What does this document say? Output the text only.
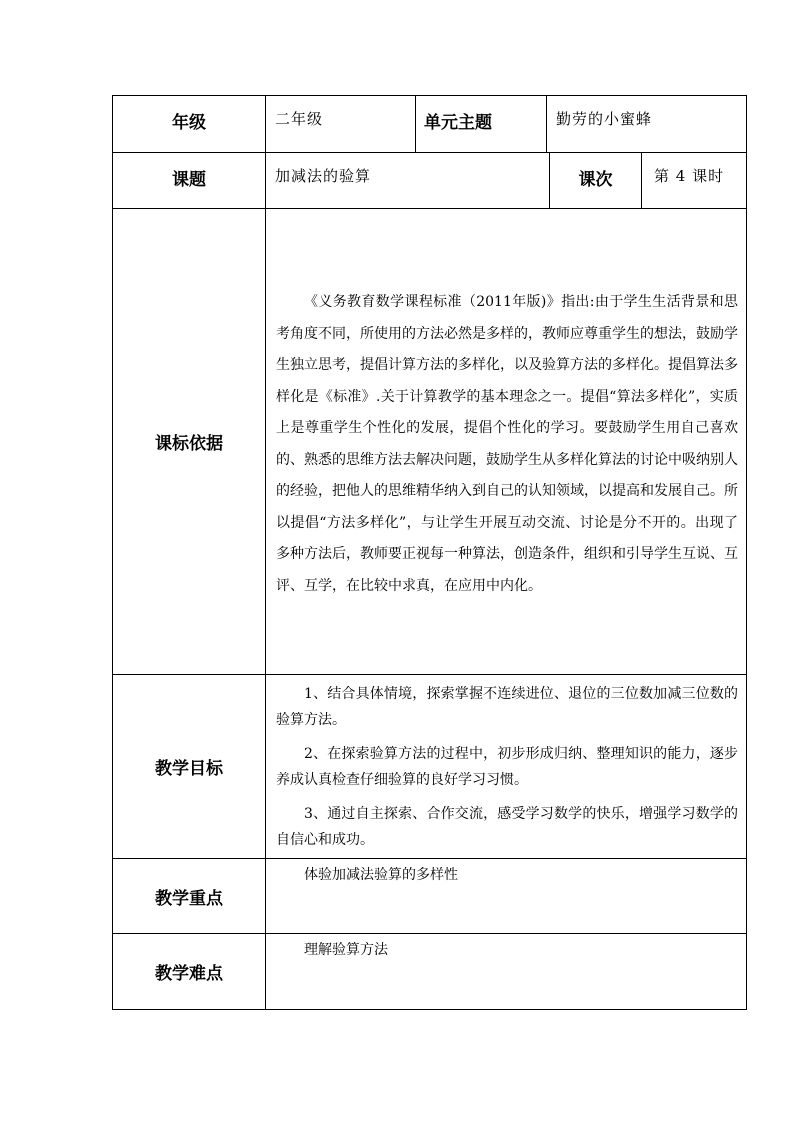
年级	二年级	单元主题	勤劳的小蜜蜂		
课题	加减法的验算			课次	第 4 课时
课标依据	《义务教育数学课程标准（2011年版)》指出:由于学生生活背景和思考角度不同，所使用的方法必然是多样的，教师应尊重学生的想法，鼓励学生独立思考，提倡计算方法的多样化，以及验算方法的多样化。提倡算法多样化是《标准》.关于计算教学的基本理念之一。提倡“算法多样化”，实质上是尊重学生个性化的发展，提倡个性化的学习。要鼓励学生用自己喜欢的、熟悉的思维方法去解决问题，鼓励学生从多样化算法的讨论中吸纳别人的经验，把他人的思维精华纳入到自己的认知领域，以提高和发展自己。所以提倡“方法多样化”，与让学生开展互动交流、讨论是分不开的。出现了多种方法后，教师要正视每一种算法，创造条件，组织和引导学生互说、互评、互学，在比较中求真，在应用中内化。				

教学目标	1、结合具体情境，探索掌握不连续进位、退位的三位数加减三位数的验算方法。

2、在探索验算方法的过程中，初步形成归纳、整理知识的能力，逐步养成认真检查仔细验算的良好学习习惯。

3、通过自主探索、合作交流，感受学习数学的快乐，增强学习数学的自信心和成功。				

教学重点	体验加减法验算的多样性				
教学难点	理解验算方法				
